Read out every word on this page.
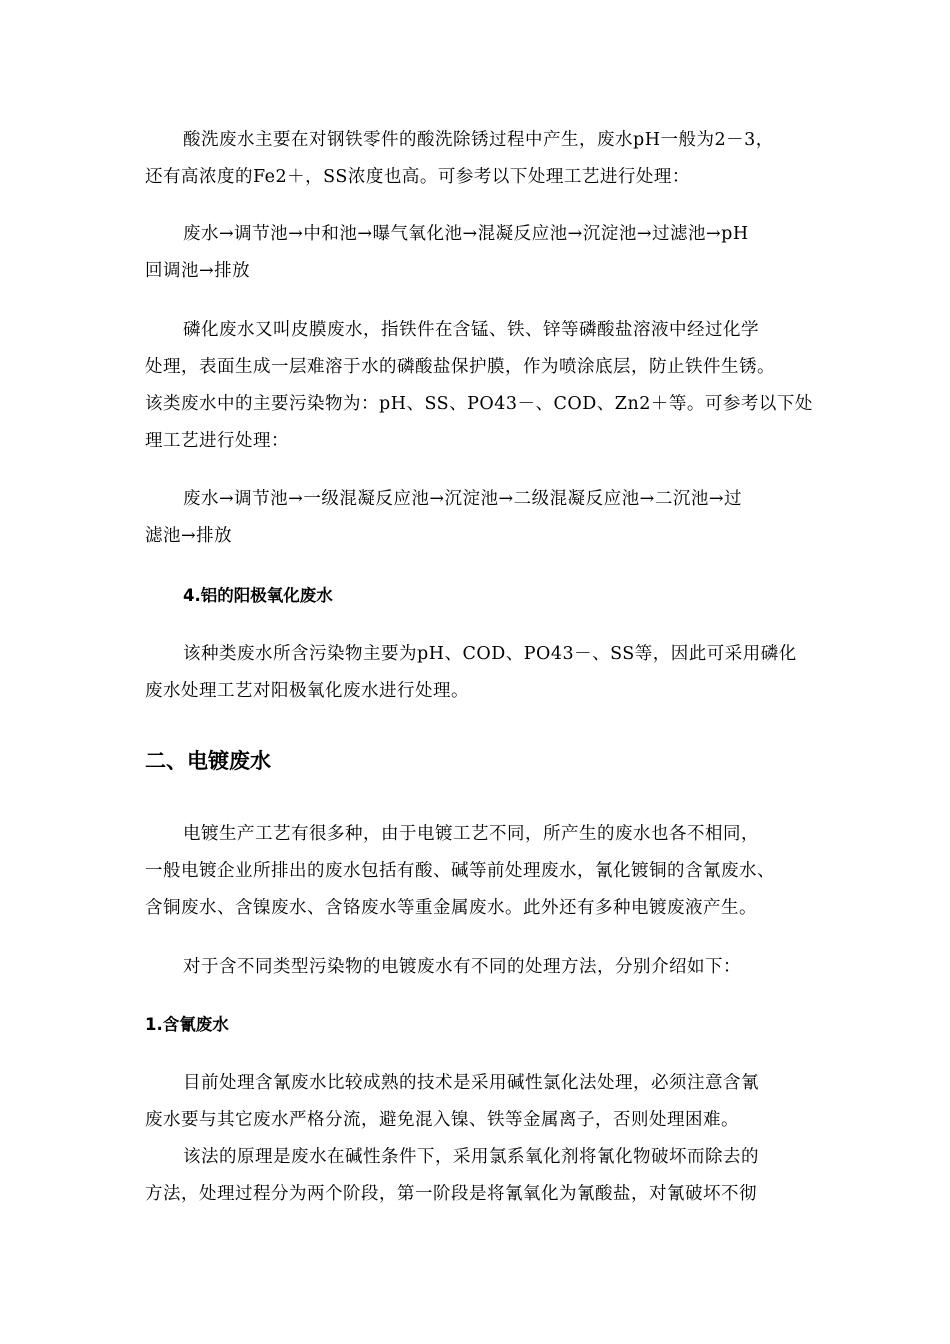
酸洗废水主要在对钢铁零件的酸洗除锈过程中产生，废水pH一般为2－3，
还有高浓度的Fe2＋，SS浓度也高。可参考以下处理工艺进行处理：
废水→调节池→中和池→曝气氧化池→混凝反应池→沉淀池→过滤池→pH
回调池→排放
磷化废水又叫皮膜废水，指铁件在含锰、铁、锌等磷酸盐溶液中经过化学
处理，表面生成一层难溶于水的磷酸盐保护膜，作为喷涂底层，防止铁件生锈。
该类废水中的主要污染物为：pH、SS、PO43－、COD、Zn2＋等。可参考以下处
理工艺进行处理：
废水→调节池→一级混凝反应池→沉淀池→二级混凝反应池→二沉池→过
滤池→排放
4.铝的阳极氧化废水
该种类废水所含污染物主要为pH、COD、PO43－、SS等，因此可采用磷化
废水处理工艺对阳极氧化废水进行处理。
二、电镀废水
电镀生产工艺有很多种，由于电镀工艺不同，所产生的废水也各不相同，
一般电镀企业所排出的废水包括有酸、碱等前处理废水，氰化镀铜的含氰废水、
含铜废水、含镍废水、含铬废水等重金属废水。此外还有多种电镀废液产生。
对于含不同类型污染物的电镀废水有不同的处理方法，分别介绍如下：
1.含氰废水
目前处理含氰废水比较成熟的技术是采用碱性氯化法处理，必须注意含氰
废水要与其它废水严格分流，避免混入镍、铁等金属离子，否则处理困难。
该法的原理是废水在碱性条件下，采用氯系氧化剂将氰化物破坏而除去的
方法，处理过程分为两个阶段，第一阶段是将氰氧化为氰酸盐，对氰破坏不彻
